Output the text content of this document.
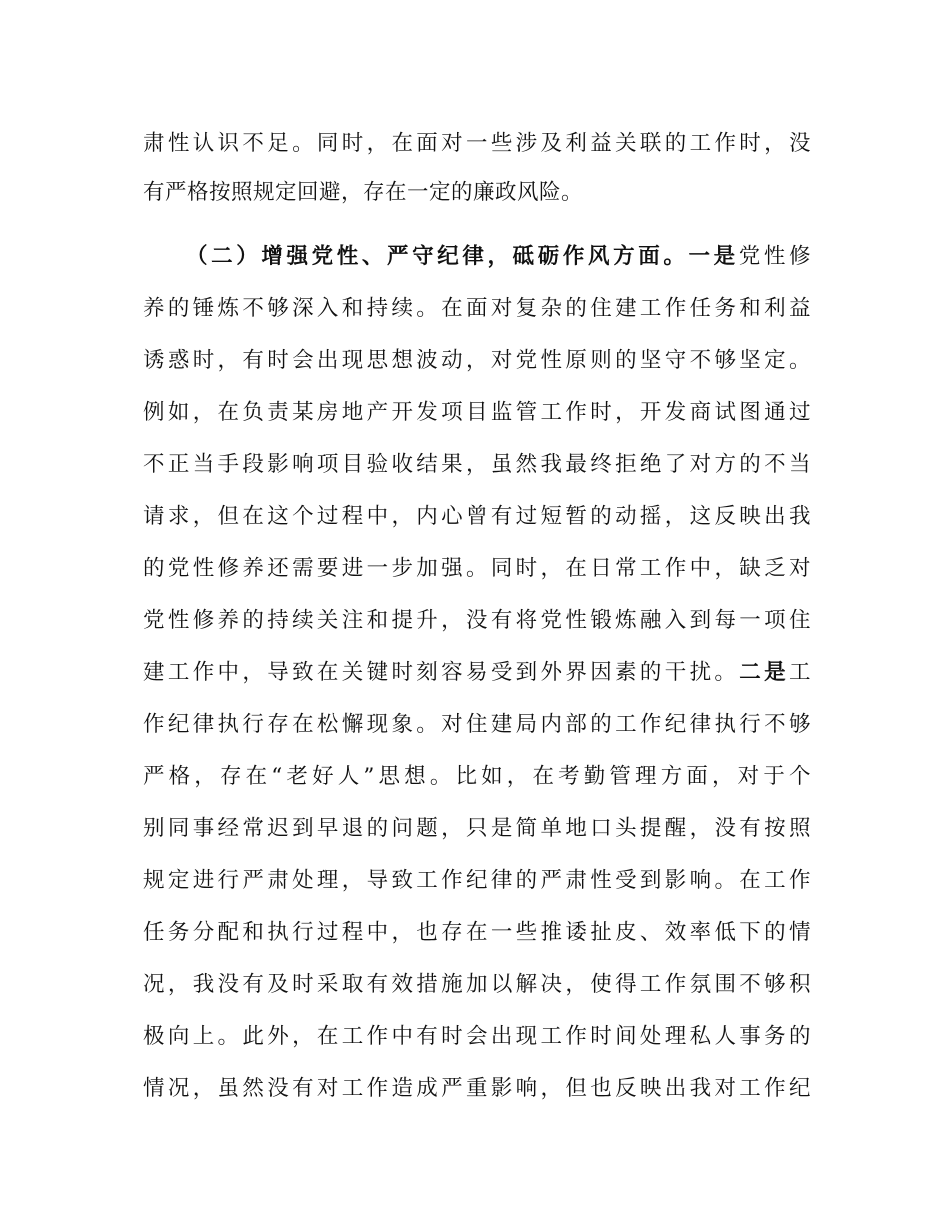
肃性认识不足。同时，在面对一些涉及利益关联的工作时，没
有严格按照规定回避，存在一定的廉政风险。
（二）增强党性、严守纪律，砥砺作风方面。一是党性修
养的锤炼不够深入和持续。在面对复杂的住建工作任务和利益
诱惑时，有时会出现思想波动，对党性原则的坚守不够坚定。
例如，在负责某房地产开发项目监管工作时，开发商试图通过
不正当手段影响项目验收结果，虽然我最终拒绝了对方的不当
请求，但在这个过程中，内心曾有过短暂的动摇，这反映出我
的党性修养还需要进一步加强。同时，在日常工作中，缺乏对
党性修养的持续关注和提升，没有将党性锻炼融入到每一项住
建工作中，导致在关键时刻容易受到外界因素的干扰。二是工
作纪律执行存在松懈现象。对住建局内部的工作纪律执行不够
严格，存在“老好人”思想。比如，在考勤管理方面，对于个
别同事经常迟到早退的问题，只是简单地口头提醒，没有按照
规定进行严肃处理，导致工作纪律的严肃性受到影响。在工作
任务分配和执行过程中，也存在一些推诿扯皮、效率低下的情
况，我没有及时采取有效措施加以解决，使得工作氛围不够积
极向上。此外，在工作中有时会出现工作时间处理私人事务的
情况，虽然没有对工作造成严重影响，但也反映出我对工作纪
